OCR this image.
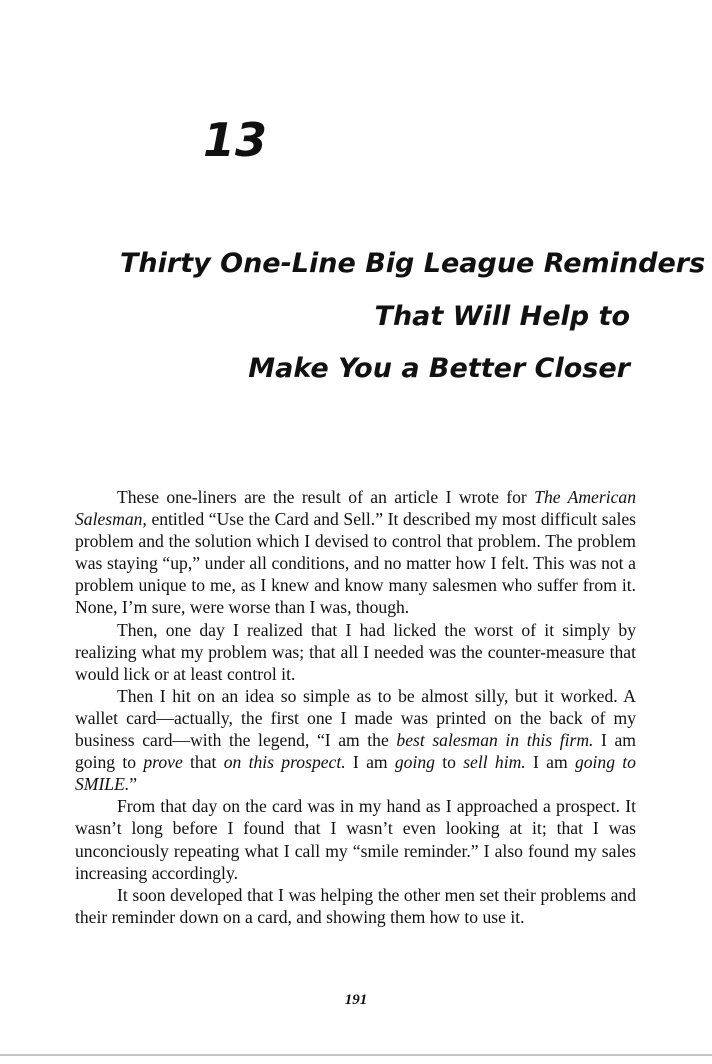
13
Thirty One-Line Big League Reminders
That Will Help to
Make You a Better Closer

These one-liners are the result of an article I wrote for The American Salesman, entitled “Use the Card and Sell.” It described my most difficult sales problem and the solution which I devised to control that problem. The problem was staying “up,” under all conditions, and no matter how I felt. This was not a problem unique to me, as I knew and know many salesmen who suffer from it. None, I’m sure, were worse than I was, though.

Then, one day I realized that I had licked the worst of it simply by realizing what my problem was; that all I needed was the counter-measure that would lick or at least control it.

Then I hit on an idea so simple as to be almost silly, but it worked. A wallet card—actually, the first one I made was printed on the back of my business card—with the legend, “I am the best salesman in this firm. I am going to prove that on this prospect. I am going to sell him. I am going to SMILE.”

From that day on the card was in my hand as I approached a prospect. It wasn’t long before I found that I wasn’t even looking at it; that I was unconciously repeating what I call my “smile reminder.” I also found my sales increasing accordingly.

It soon developed that I was helping the other men set their problems and their reminder down on a card, and showing them how to use it.

191
